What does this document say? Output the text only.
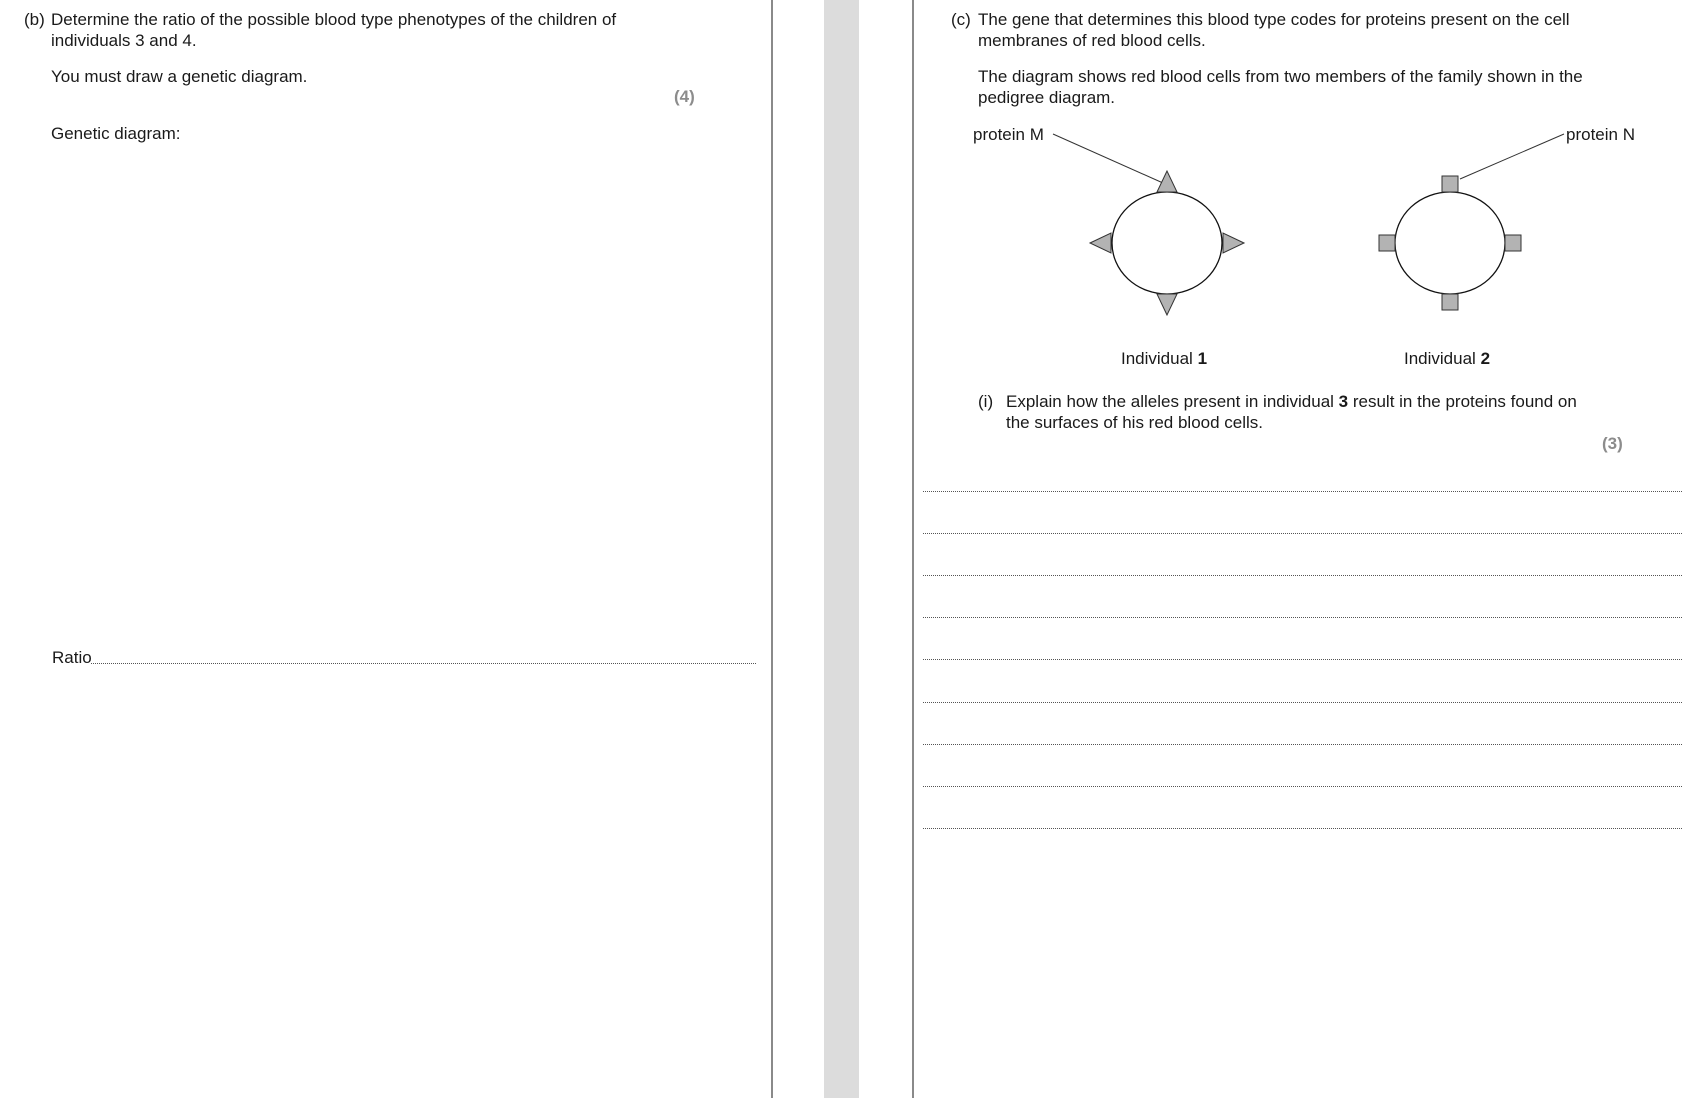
(b) Determine the ratio of the possible blood type phenotypes of the children of
individuals 3 and 4.
You must draw a genetic diagram.
(4)
Genetic diagram:
Ratio
(c) The gene that determines this blood type codes for proteins present on the cell
membranes of red blood cells.
The diagram shows red blood cells from two members of the family shown in the
pedigree diagram.
protein M	protein N
Individual 1	Individual 2
(i) Explain how the alleles present in individual 3 result in the proteins found on
the surfaces of his red blood cells.
(3)
